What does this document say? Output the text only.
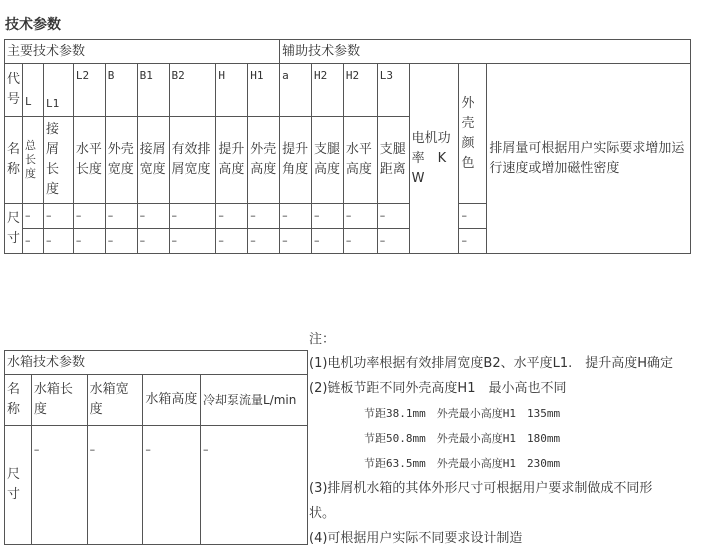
技术参数
主要技术参数									辅助技术参数						
代号	L	L1	L2	B	B1	B2	H	H1	a	H2	H2	L3	电机功率　KW	外壳颜色	排屑量可根据用户实际要求增加运行速度或增加磁性密度
名称	总长度	接屑长度	水平长度	外壳宽度	接屑宽度	有效排屑宽度	提升高度	外壳高度	提升角度	支腿高度	水平高度	支腿距离			
尺寸	–	–	–	–	–	–	–	–	–	–	–	–		–	
	–	–	–	–	–	–	–	–	–	–	–	–		–	
水箱技术参数				
名称	水箱长度	水箱宽度	水箱高度	冷却泵流量L/min
尺寸	–	–	–	–
注：
(1)电机功率根据有效排屑宽度B2、水平度L1.　提升高度H确定
(2)链板节距不同外壳高度H1　最小高也不同
节距38.1mm　外壳最小高度H1　135mm
节距50.8mm　外壳最小高度H1　180mm
节距63.5mm　外壳最小高度H1　230mm
(3)排屑机水箱的其体外形尺寸可根据用户要求制做成不同形
状。
(4)可根据用户实际不同要求设计制造
